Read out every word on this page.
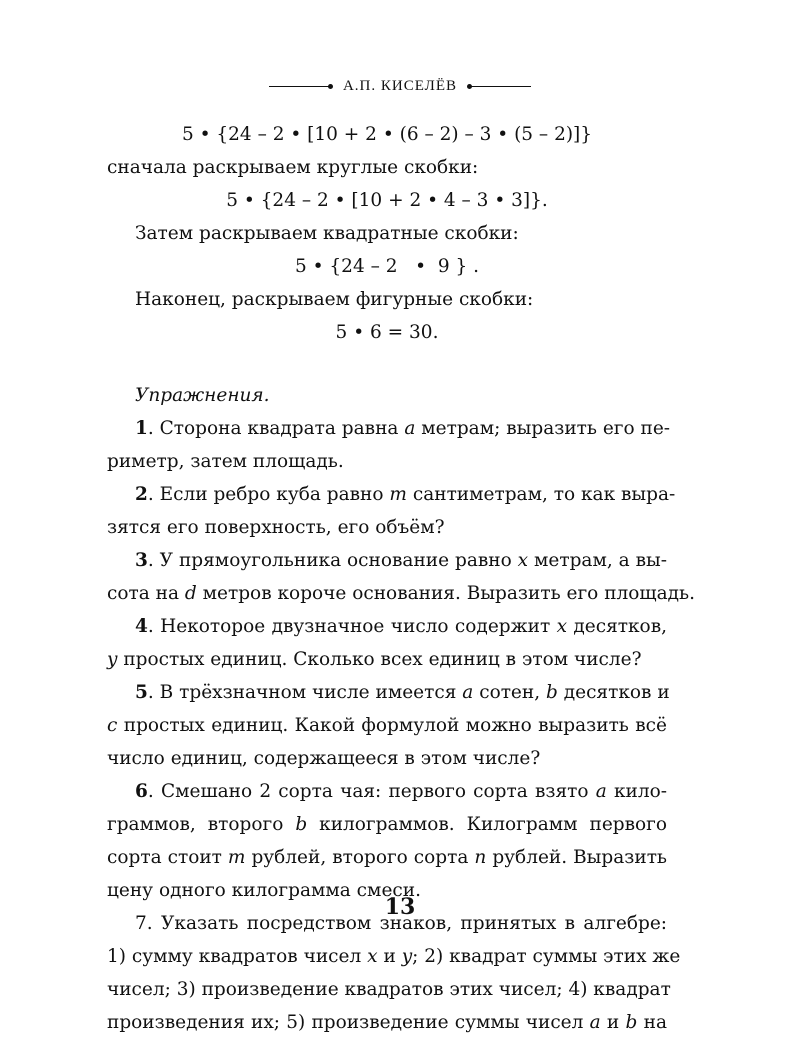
А.П. КИСЕЛЁВ
5 • {24 – 2 • [10 + 2 • (6 – 2) – 3 • (5 – 2)]}
сначала раскрываем круглые скобки:
5 • {24 – 2 • [10 + 2 • 4 – 3 • 3]}.
Затем раскрываем квадратные скобки:
5 • {24 – 2   •  9 } .
Наконец, раскрываем фигурные скобки:
5 • 6 = 30.
Упражнения.
1. Сторона квадрата равна a метрам; выразить его пе-
риметр, затем площадь.
2. Если ребро куба равно m сантиметрам, то как выра-
зятся его поверхность, его объём?
3. У прямоугольника основание равно x метрам, а вы-
сота на d метров короче основания. Выразить его площадь.
4. Некоторое двузначное число содержит x десятков,
y простых единиц. Сколько всех единиц в этом числе?
5. В трёхзначном числе имеется a сотен, b десятков и
c простых единиц. Какой формулой можно выразить всё
число единиц, содержащееся в этом числе?
6. Смешано 2 сорта чая: первого сорта взято a кило-
граммов, второго b килограммов. Килограмм первого
сорта стоит m рублей, второго сорта n рублей. Выразить
цену одного килограмма смеси.
7. Указать посредством знаков, принятых в алгебре:
1) сумму квадратов чисел x и y; 2) квадрат суммы этих же
чисел; 3) произведение квадратов этих чисел; 4) квадрат
произведения их; 5) произведение суммы чисел a и b на
13
